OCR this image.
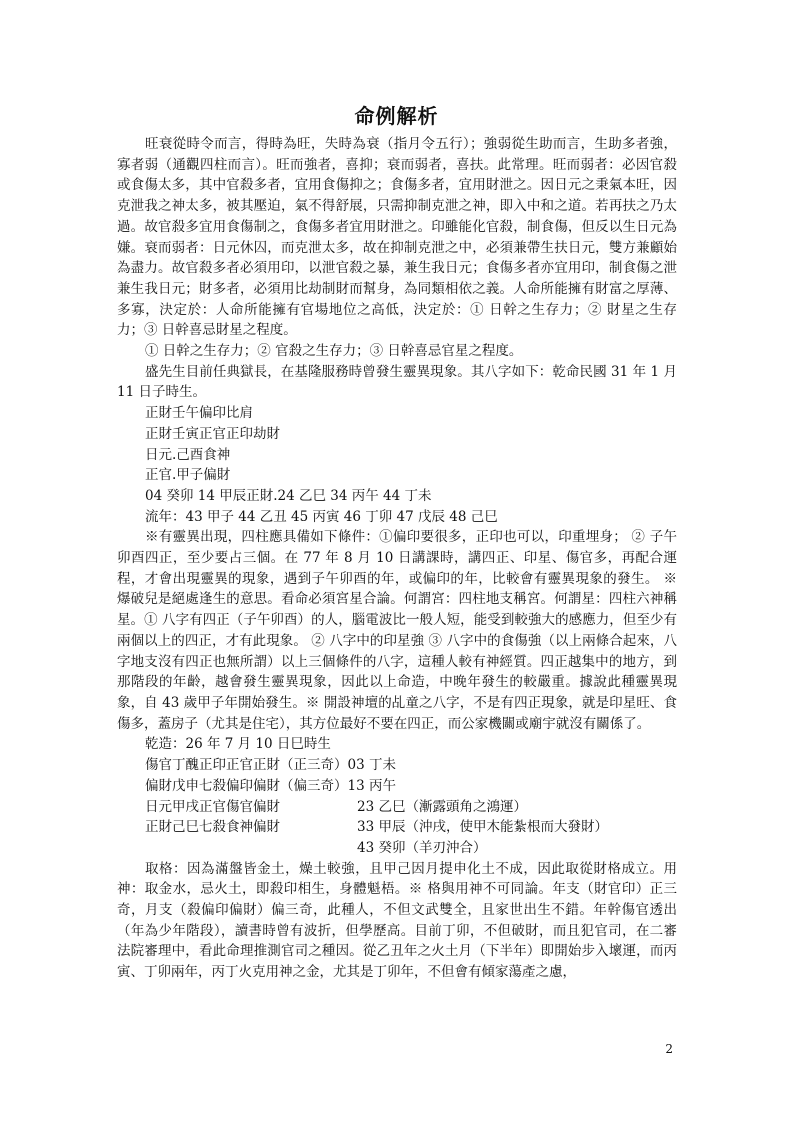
命例解析

旺衰從時令而言，得時為旺，失時為衰（指月令五行）；強弱從生助而言，生助多者強，寡者弱（通觀四柱而言）。旺而強者，喜抑；衰而弱者，喜扶。此常理。旺而弱者：必因官殺或食傷太多，其中官殺多者，宜用食傷抑之；食傷多者，宜用財泄之。因日元之秉氣本旺，因克泄我之神太多，被其壓迫，氣不得舒展，只需抑制克泄之神，即入中和之道。若再扶之乃太過。故官殺多宜用食傷制之，食傷多者宜用財泄之。印雖能化官殺，制食傷，但反以生日元為嫌。衰而弱者：日元休囚，而克泄太多，故在抑制克泄之中，必須兼帶生扶日元，雙方兼顧始為盡力。故官殺多者必須用印，以泄官殺之暴，兼生我日元；食傷多者亦宜用印，制食傷之泄兼生我日元；財多者，必須用比劫制財而幫身，為同類相依之義。人命所能擁有財富之厚薄、多寡，決定於：人命所能擁有官場地位之高低，決定於：① 日幹之生存力；② 財星之生存力；③ 日幹喜忌財星之程度。

① 日幹之生存力；② 官殺之生存力；③ 日幹喜忌官星之程度。

盛先生目前任典獄長，在基隆服務時曾發生靈異現象。其八字如下：乾命民國 31 年 1 月 11 日子時生。

正財壬午偏印比肩

正財壬寅正官正印劫財

日元.己酉食神

正官.甲子偏財

04 癸卯 14 甲辰正財.24 乙巳 34 丙午 44 丁未

流年：43 甲子 44 乙丑 45 丙寅 46 丁卯 47 戊辰 48 己巳

※有靈異出現，四柱應具備如下條件：①偏印要很多，正印也可以，印重埋身； ② 子午卯酉四正，至少要占三個。在 77 年 8 月 10 日講課時，講四正、印星、傷官多，再配合運程，才會出現靈異的現象，遇到子午卯酉的年，或偏印的年，比較會有靈異現象的發生。 ※ 爆破兒是絕處逢生的意思。看命必須宮星合論。何謂宮：四柱地支稱宮。何謂星：四柱六神稱星。① 八字有四正（子午卯酉）的人，腦電波比一般人短，能受到較強大的感應力，但至少有兩個以上的四正，才有此現象。 ② 八字中的印星強 ③ 八字中的食傷強（以上兩條合起來，八字地支沒有四正也無所謂）以上三個條件的八字，這種人較有神經質。四正越集中的地方，到那階段的年齡，越會發生靈異現象，因此以上命造，中晚年發生的較嚴重。據說此種靈異現象，自 43 歲甲子年開始發生。※ 開設神壇的乩童之八字，不是有四正現象，就是印星旺、食傷多，蓋房子（尤其是住宅），其方位最好不要在四正，而公家機關或廟宇就沒有關係了。

乾造：26 年 7 月 10 日巳時生

傷官丁醜正印正官正財（正三奇）03 丁未
偏財戊申七殺偏印偏財（偏三奇）13 丙午
日元甲戌正官傷官偏財	23 乙巳（漸露頭角之鴻運）
正財己巳七殺食神偏財	33 甲辰（沖戌，使甲木能紮根而大發財）
43 癸卯（羊刃沖合）

取格：因為滿盤皆金土，燥土較強，且甲己因月提申化土不成，因此取從財格成立。用神：取金水，忌火土，即殺印相生，身體魁梧。※ 格與用神不可同論。年支（財官印）正三奇，月支（殺偏印偏財）偏三奇，此種人，不但文武雙全，且家世出生不錯。年幹傷官透出（年為少年階段），讀書時曾有波折，但學歷高。目前丁卯，不但破財，而且犯官司，在二審法院審理中，看此命理推測官司之種因。從乙丑年之火土月（下半年）即開始步入壞運，而丙寅、丁卯兩年，丙丁火克用神之金，尤其是丁卯年，不但會有傾家蕩產之慮，

2
